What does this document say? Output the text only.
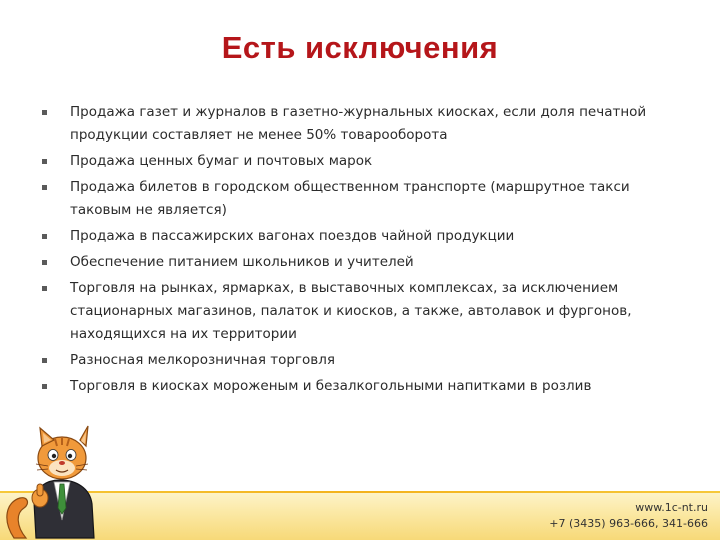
Есть исключения
Продажа газет и журналов в газетно-журнальных киосках, если доля печатной продукции составляет не менее 50% товарооборота
Продажа ценных бумаг и почтовых марок
Продажа билетов в городском общественном транспорте (маршрутное такси таковым не является)
Продажа в пассажирских вагонах поездов чайной продукции
Обеспечение питанием школьников и учителей
Торговля на рынках, ярмарках, в выставочных комплексах, за исключением стационарных магазинов, палаток и киосков, а также, автолавок и фургонов, находящихся на их территории
Разносная мелкорозничная торговля
Торговля в киосках мороженым и безалкогольными напитками в розлив
www.1c-nt.ru
+7 (3435) 963-666, 341-666
